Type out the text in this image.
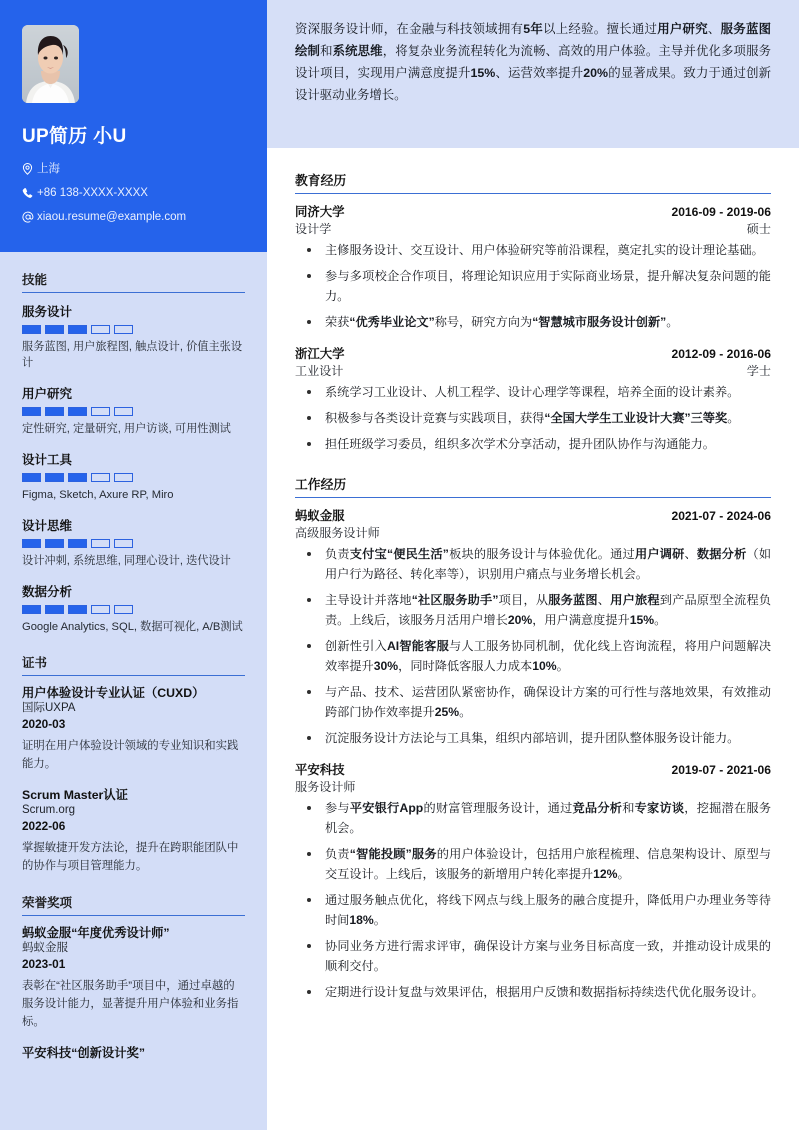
UP简历 小U
上海
+86 138-XXXX-XXXX
xiaou.resume@example.com
技能
服务设计
服务蓝图, 用户旅程图, 触点设计, 价值主张设计
用户研究
定性研究, 定量研究, 用户访谈, 可用性测试
设计工具
Figma, Sketch, Axure RP, Miro
设计思维
设计冲刺, 系统思维, 同理心设计, 迭代设计
数据分析
Google Analytics, SQL, 数据可视化, A/B测试
证书
用户体验设计专业认证（CUXD）
国际UXPA
2020-03
证明在用户体验设计领域的专业知识和实践能力。
Scrum Master认证
Scrum.org
2022-06
掌握敏捷开发方法论，提升在跨职能团队中的协作与项目管理能力。
荣誉奖项
蚂蚁金服“年度优秀设计师”
蚂蚁金服
2023-01
表彰在“社区服务助手”项目中，通过卓越的服务设计能力，显著提升用户体验和业务指标。
平安科技“创新设计奖”

资深服务设计师，在金融与科技领域拥有5年以上经验。擅长通过用户研究、服务蓝图绘制和系统思维，将复杂业务流程转化为流畅、高效的用户体验。主导并优化多项服务设计项目，实现用户满意度提升15%、运营效率提升20%的显著成果。致力于通过创新设计驱动业务增长。

教育经历
同济大学	2016-09 - 2019-06
设计学	硕士
主修服务设计、交互设计、用户体验研究等前沿课程，奠定扎实的设计理论基础。
参与多项校企合作项目，将理论知识应用于实际商业场景，提升解决复杂问题的能力。
荣获“优秀毕业论文”称号，研究方向为“智慧城市服务设计创新”。
浙江大学	2012-09 - 2016-06
工业设计	学士
系统学习工业设计、人机工程学、设计心理学等课程，培养全面的设计素养。
积极参与各类设计竞赛与实践项目，获得“全国大学生工业设计大赛”三等奖。
担任班级学习委员，组织多次学术分享活动，提升团队协作与沟通能力。
工作经历
蚂蚁金服	2021-07 - 2024-06
高级服务设计师
负责支付宝“便民生活”板块的服务设计与体验优化。通过用户调研、数据分析（如用户行为路径、转化率等），识别用户痛点与业务增长机会。
主导设计并落地“社区服务助手”项目，从服务蓝图、用户旅程到产品原型全流程负责。上线后，该服务月活用户增长20%，用户满意度提升15%。
创新性引入AI智能客服与人工服务协同机制，优化线上咨询流程，将用户问题解决效率提升30%，同时降低客服人力成本10%。
与产品、技术、运营团队紧密协作，确保设计方案的可行性与落地效果，有效推动跨部门协作效率提升25%。
沉淀服务设计方法论与工具集，组织内部培训，提升团队整体服务设计能力。
平安科技	2019-07 - 2021-06
服务设计师
参与平安银行App的财富管理服务设计，通过竞品分析和专家访谈，挖掘潜在服务机会。
负责“智能投顾”服务的用户体验设计，包括用户旅程梳理、信息架构设计、原型与交互设计。上线后，该服务的新增用户转化率提升12%。
通过服务触点优化，将线下网点与线上服务的融合度提升，降低用户办理业务等待时间18%。
协同业务方进行需求评审，确保设计方案与业务目标高度一致，并推动设计成果的顺利交付。
定期进行设计复盘与效果评估，根据用户反馈和数据指标持续迭代优化服务设计。
